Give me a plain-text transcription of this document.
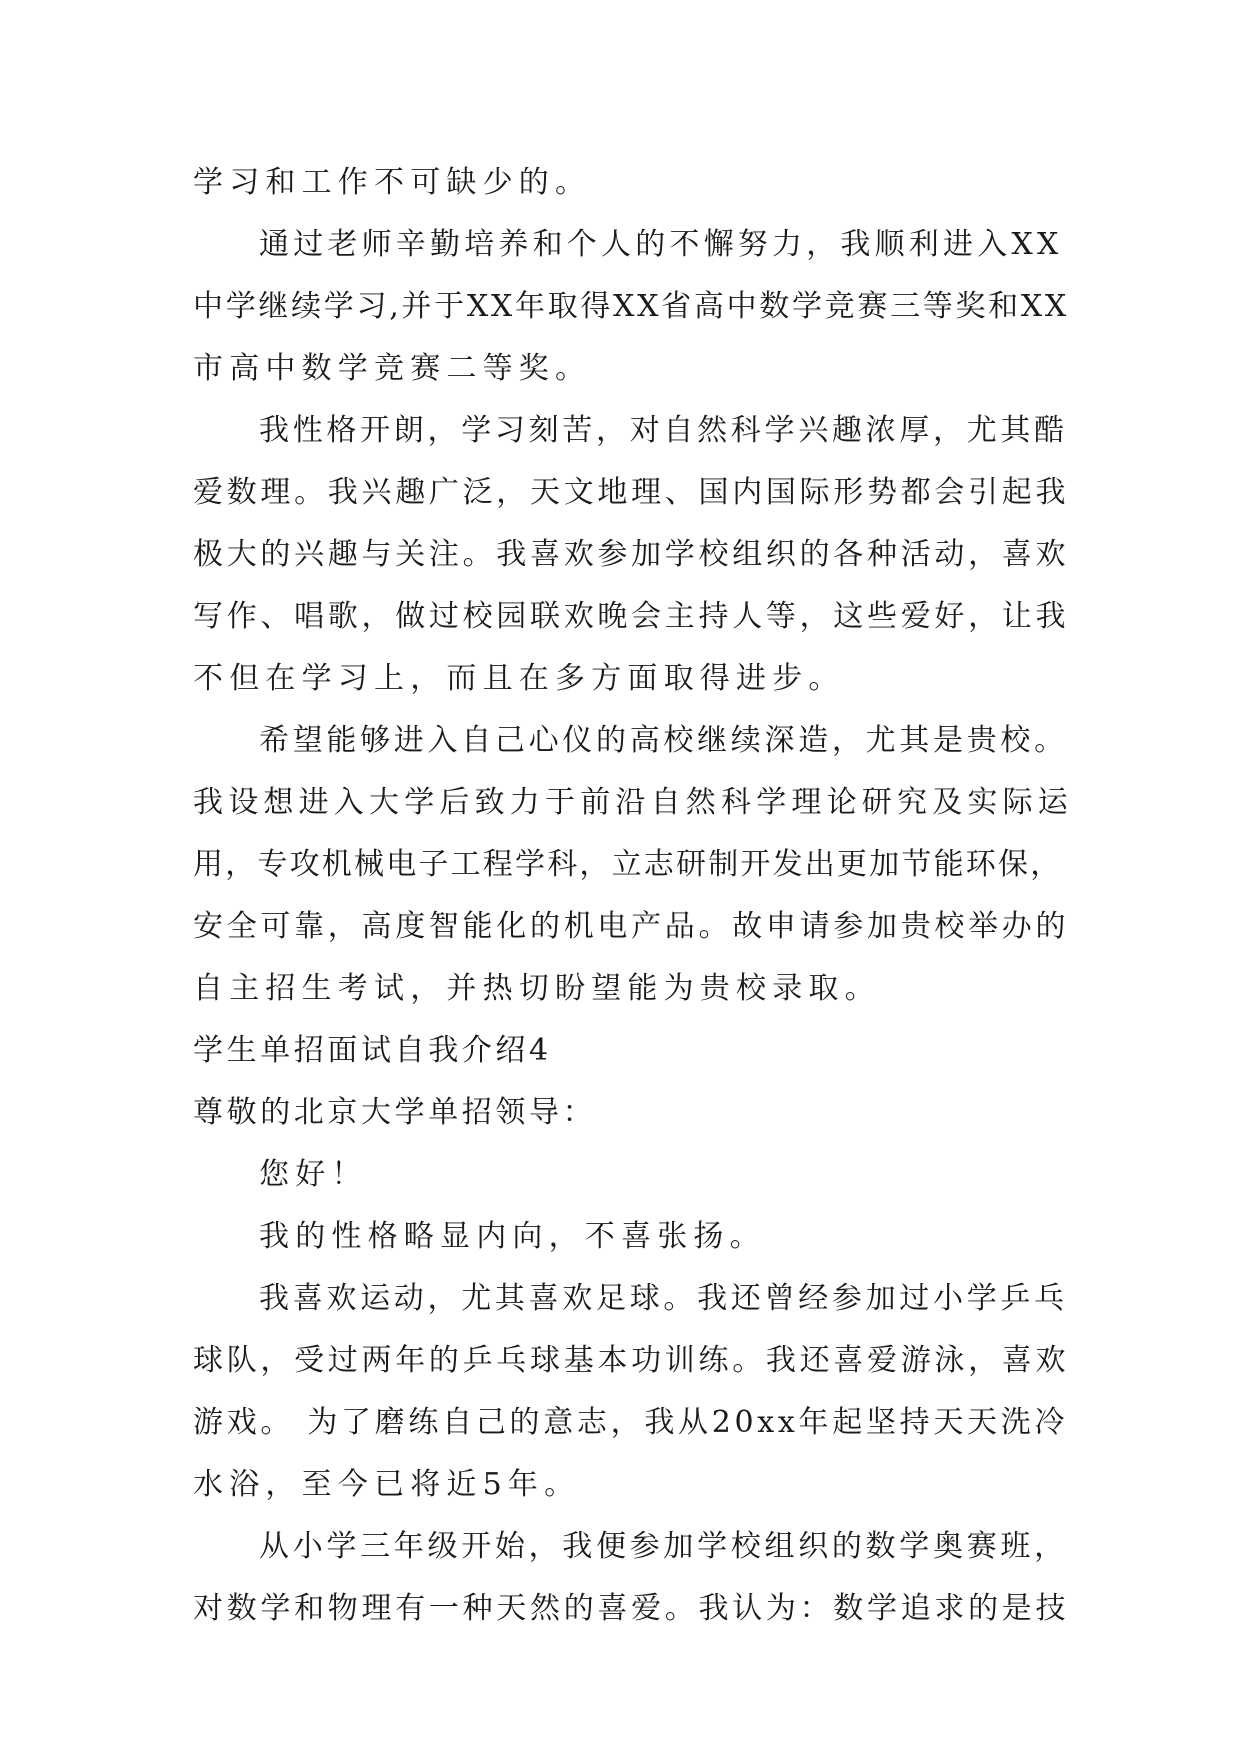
学习和工作不可缺少的。
通过老师辛勤培养和个人的不懈努力，我顺利进入XX
中学继续学习,并于XX年取得XX省高中数学竞赛三等奖和XX
市高中数学竞赛二等奖。
我性格开朗，学习刻苦，对自然科学兴趣浓厚，尤其酷
爱数理。我兴趣广泛，天文地理、国内国际形势都会引起我
极大的兴趣与关注。我喜欢参加学校组织的各种活动，喜欢
写作、唱歌，做过校园联欢晚会主持人等，这些爱好，让我
不但在学习上，而且在多方面取得进步。
希望能够进入自己心仪的高校继续深造，尤其是贵校。
我设想进入大学后致力于前沿自然科学理论研究及实际运
用，专攻机械电子工程学科，立志研制开发出更加节能环保，
安全可靠，高度智能化的机电产品。故申请参加贵校举办的
自主招生考试，并热切盼望能为贵校录取。
学生单招面试自我介绍4
尊敬的北京大学单招领导：
您好！
我的性格略显内向，不喜张扬。
我喜欢运动，尤其喜欢足球。我还曾经参加过小学乒乓
球队，受过两年的乒乓球基本功训练。我还喜爱游泳，喜欢
游戏。 为了磨练自己的意志，我从20xx年起坚持天天洗冷
水浴，至今已将近5年。
从小学三年级开始，我便参加学校组织的数学奥赛班，
对数学和物理有一种天然的喜爱。我认为：数学追求的是技
